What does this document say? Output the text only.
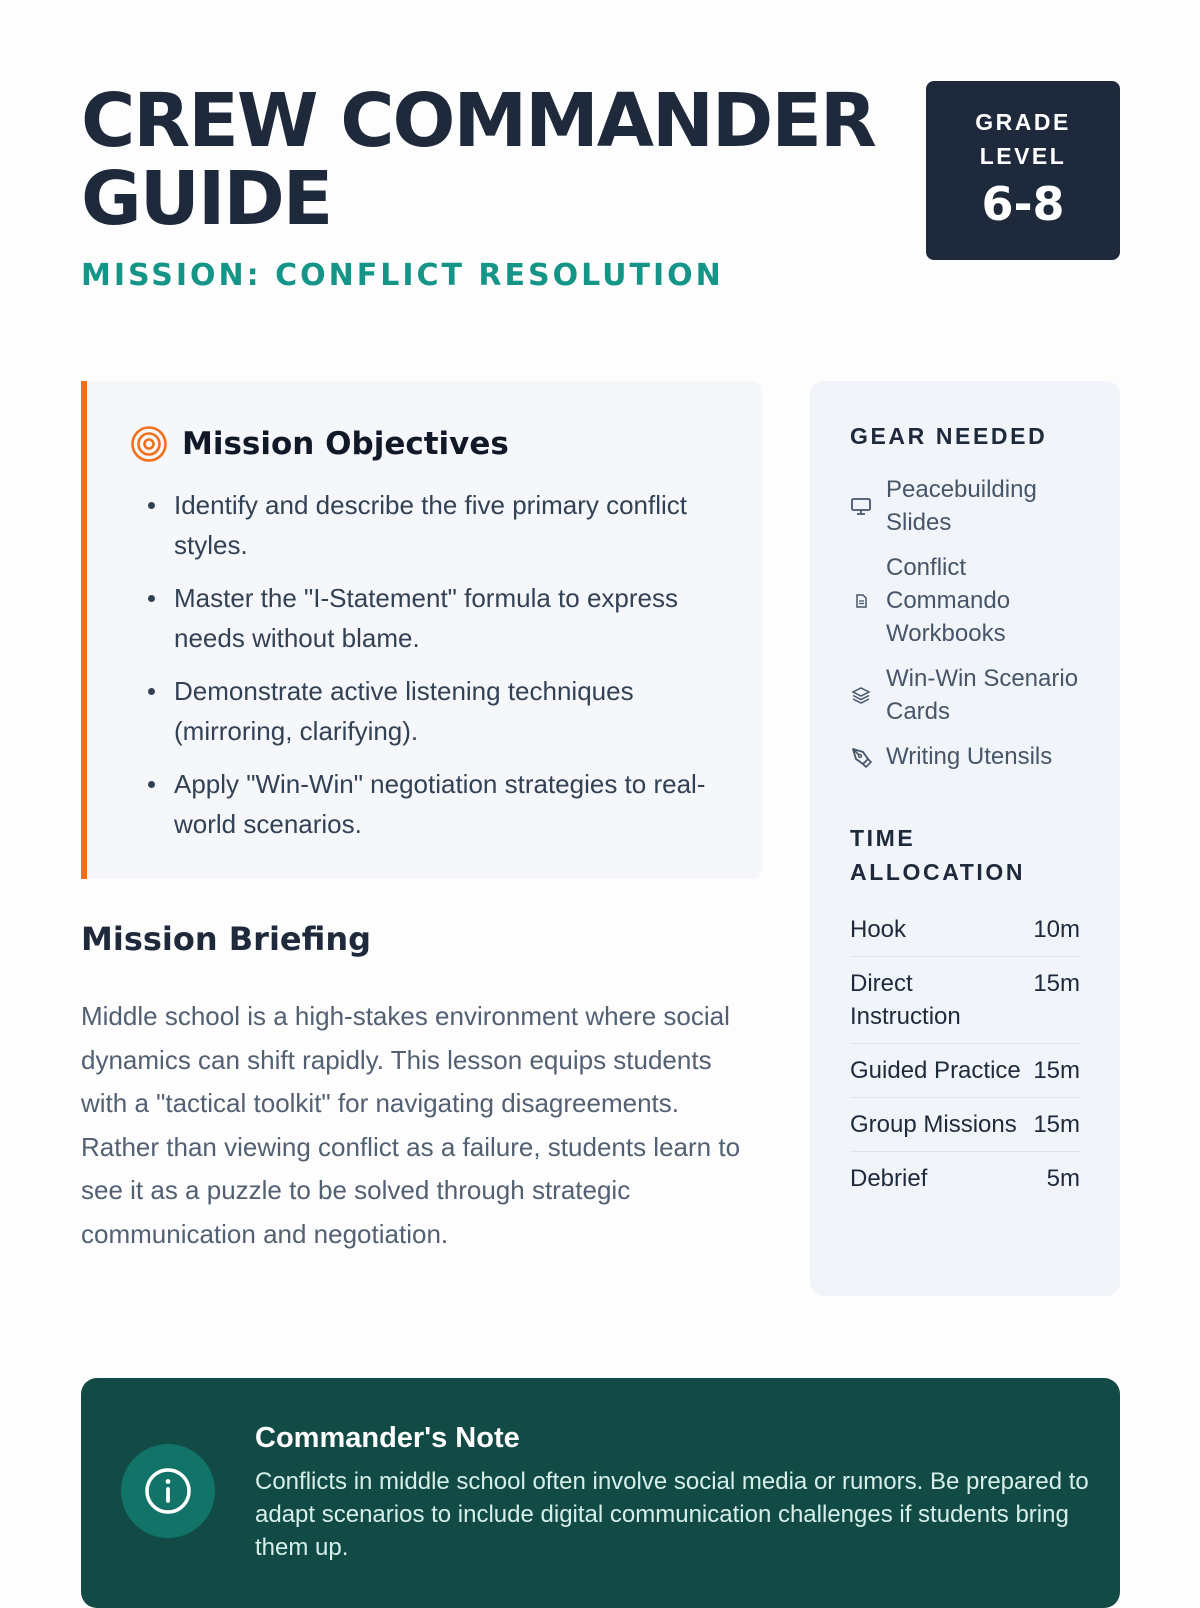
CREW COMMANDER GUIDE
MISSION: CONFLICT RESOLUTION
GRADE LEVEL
6-8
Mission Objectives
Identify and describe the five primary conflict styles.
Master the "I-Statement" formula to express needs without blame.
Demonstrate active listening techniques (mirroring, clarifying).
Apply "Win-Win" negotiation strategies to real-world scenarios.
Mission Briefing

Middle school is a high-stakes environment where social dynamics can shift rapidly. This lesson equips students with a "tactical toolkit" for navigating disagreements. Rather than viewing conflict as a failure, students learn to see it as a puzzle to be solved through strategic communication and negotiation.

GEAR NEEDED
Peacebuilding Slides
Conflict Commando Workbooks
Win-Win Scenario Cards
Writing Utensils
TIME ALLOCATION
Hook	10m
Direct Instruction
15m
Guided Practice 15m
Group Missions 15m
Debrief	5m
Commander's Note

Conflicts in middle school often involve social media or rumors. Be prepared to adapt scenarios to include digital communication challenges if students bring them up.
